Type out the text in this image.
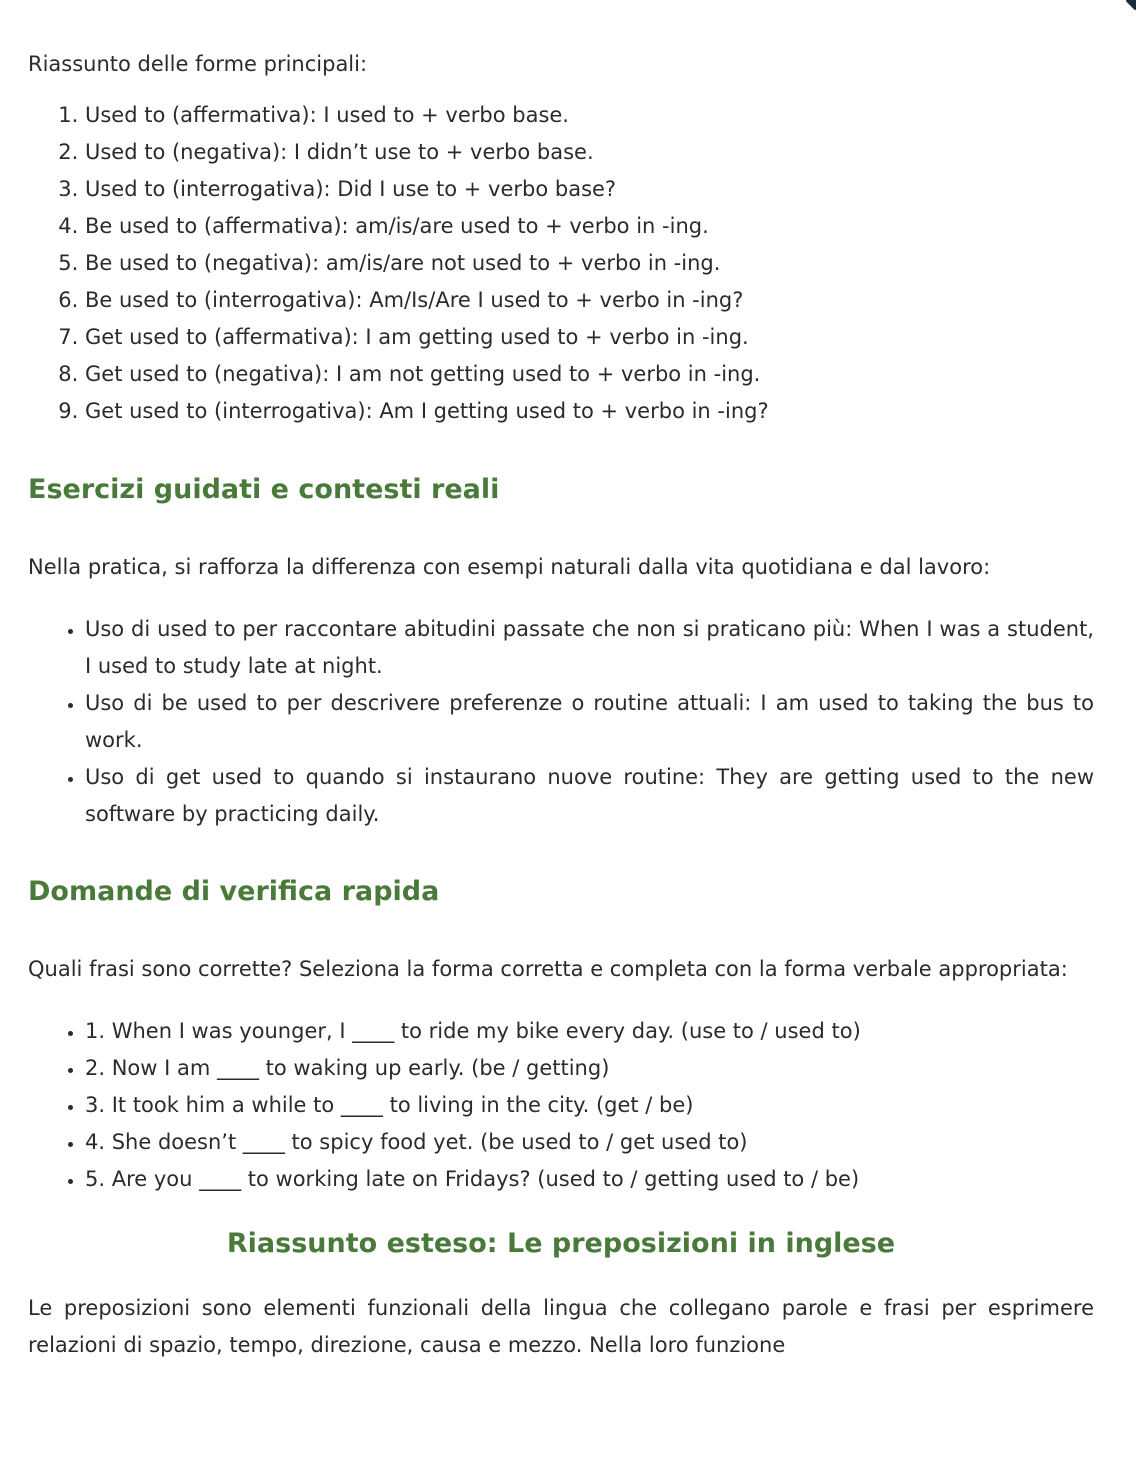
Riassunto delle forme principali:

1. Used to (affermativa): I used to + verbo base.
2. Used to (negativa): I didn’t use to + verbo base.
3. Used to (interrogativa): Did I use to + verbo base?
4. Be used to (affermativa): am/is/are used to + verbo in -ing.
5. Be used to (negativa): am/is/are not used to + verbo in -ing.
6. Be used to (interrogativa): Am/Is/Are I used to + verbo in -ing?
7. Get used to (affermativa): I am getting used to + verbo in -ing.
8. Get used to (negativa): I am not getting used to + verbo in -ing.
9. Get used to (interrogativa): Am I getting used to + verbo in -ing?
Esercizi guidati e contesti reali

Nella pratica, si rafforza la differenza con esempi naturali dalla vita quotidiana e dal lavoro:

• Uso di used to per raccontare abitudini passate che non si praticano più: When I was a student, I used to study late at night.
• Uso di be used to per descrivere preferenze o routine attuali: I am used to taking the bus to work.
• Uso di get used to quando si instaurano nuove routine: They are getting used to the new software by practicing daily.
Domande di verifica rapida

Quali frasi sono corrette? Seleziona la forma corretta e completa con la forma verbale appropriata:

• 1. When I was younger, I ____ to ride my bike every day. (use to / used to)
• 2. Now I am ____ to waking up early. (be / getting)
• 3. It took him a while to ____ to living in the city. (get / be)
• 4. She doesn’t ____ to spicy food yet. (be used to / get used to)
• 5. Are you ____ to working late on Fridays? (used to / getting used to / be)
Riassunto esteso: Le preposizioni in inglese

Le preposizioni sono elementi funzionali della lingua che collegano parole e frasi per esprimere relazioni di spazio, tempo, direzione, causa e mezzo. Nella loro funzione
